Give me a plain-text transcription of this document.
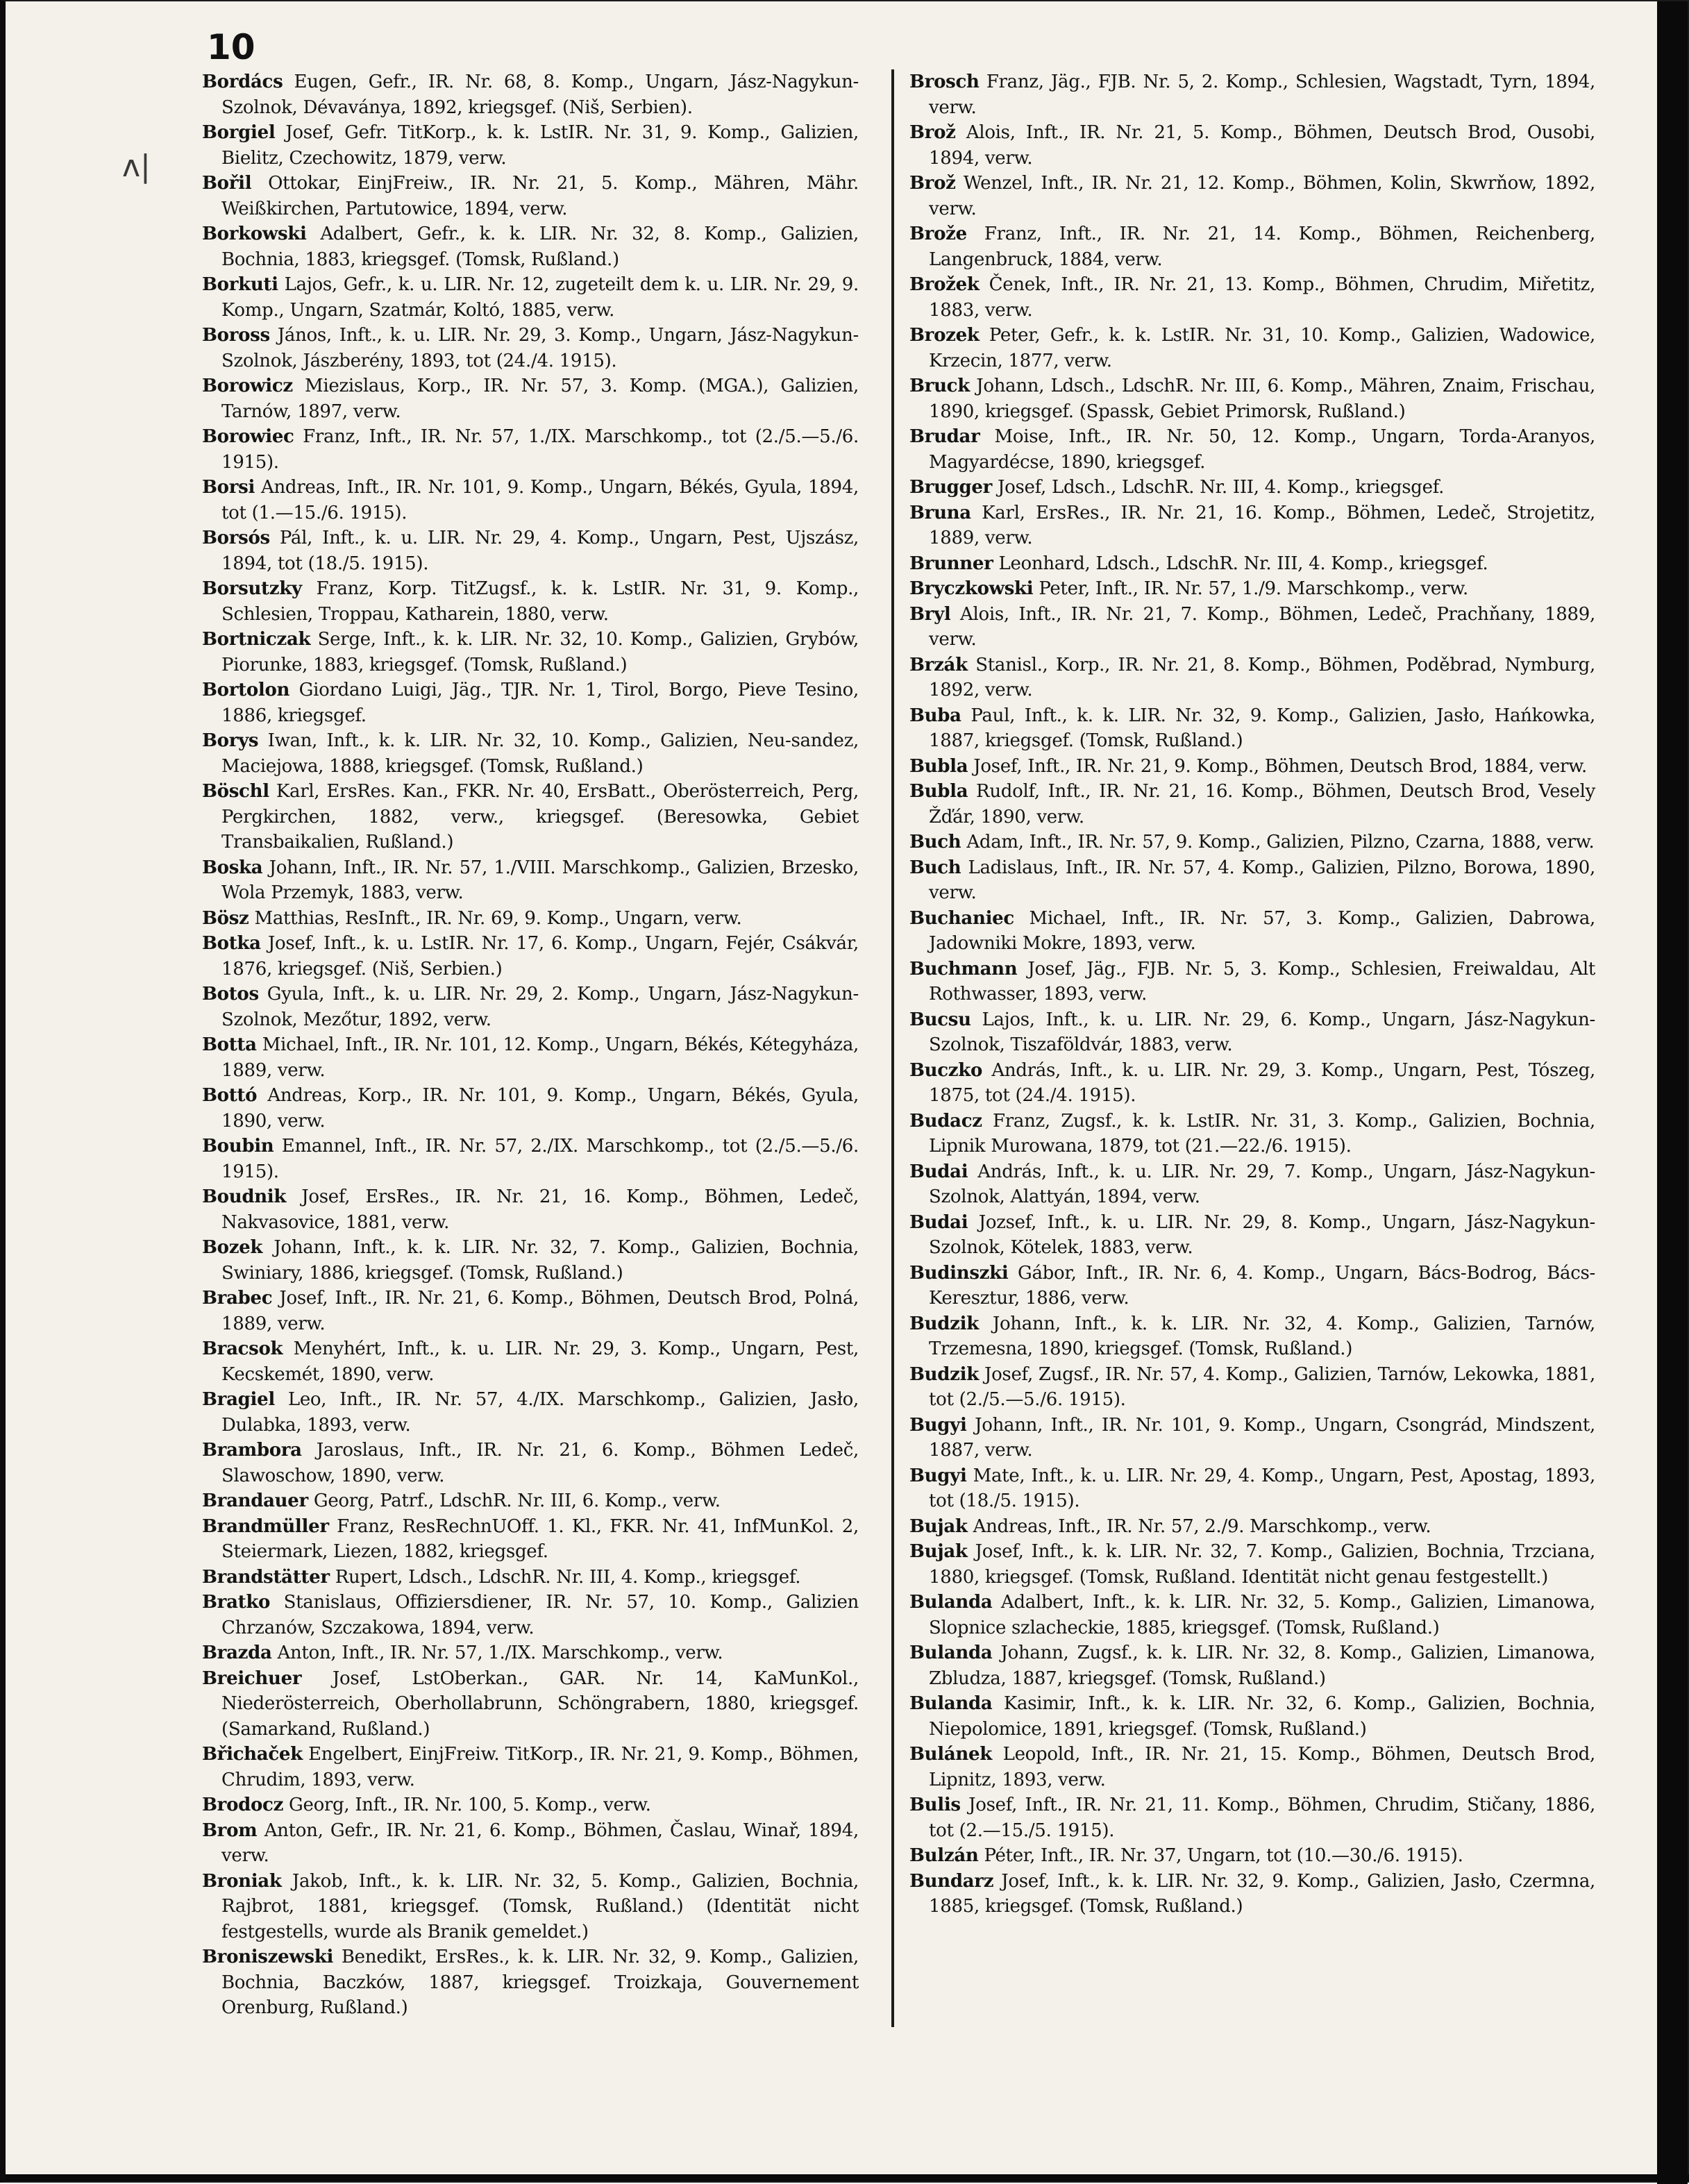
10
ʌ|

Bordács Eugen, Gefr., IR. Nr. 68, 8. Komp., Ungarn, Jász-Nagykun-Szolnok, Dévaványa, 1892, kriegsgef. (Niš, Serbien).

Borgiel Josef, Gefr. TitKorp., k. k. LstIR. Nr. 31, 9. Komp., Galizien, Bielitz, Czechowitz, 1879, verw.

Bořil Ottokar, EinjFreiw., IR. Nr. 21, 5. Komp., Mähren, Mähr. Weißkirchen, Partutowice, 1894, verw.

Borkowski Adalbert, Gefr., k. k. LIR. Nr. 32, 8. Komp., Galizien, Bochnia, 1883, kriegsgef. (Tomsk, Rußland.)

Borkuti Lajos, Gefr., k. u. LIR. Nr. 12, zugeteilt dem k. u. LIR. Nr. 29, 9. Komp., Ungarn, Szatmár, Koltó, 1885, verw.

Boross János, Inft., k. u. LIR. Nr. 29, 3. Komp., Ungarn, Jász-Nagykun-Szolnok, Jászberény, 1893, tot (24./4. 1915).

Borowicz Miezislaus, Korp., IR. Nr. 57, 3. Komp. (MGA.), Galizien, Tarnów, 1897, verw.

Borowiec Franz, Inft., IR. Nr. 57, 1./IX. Marschkomp., tot (2./5.—5./6. 1915).

Borsi Andreas, Inft., IR. Nr. 101, 9. Komp., Ungarn, Békés, Gyula, 1894, tot (1.—15./6. 1915).

Borsós Pál, Inft., k. u. LIR. Nr. 29, 4. Komp., Ungarn, Pest, Ujszász, 1894, tot (18./5. 1915).

Borsutzky Franz, Korp. TitZugsf., k. k. LstIR. Nr. 31, 9. Komp., Schlesien, Troppau, Katharein, 1880, verw.

Bortniczak Serge, Inft., k. k. LIR. Nr. 32, 10. Komp., Galizien, Grybów, Piorunke, 1883, kriegsgef. (Tomsk, Rußland.)

Bortolon Giordano Luigi, Jäg., TJR. Nr. 1, Tirol, Borgo, Pieve Tesino, 1886, kriegsgef.

Borys Iwan, Inft., k. k. LIR. Nr. 32, 10. Komp., Galizien, Neu-sandez, Maciejowa, 1888, kriegsgef. (Tomsk, Rußland.)

Böschl Karl, ErsRes. Kan., FKR. Nr. 40, ErsBatt., Oberösterreich, Perg, Pergkirchen, 1882, verw., kriegsgef. (Beresowka, Gebiet Transbaikalien, Rußland.)

Boska Johann, Inft., IR. Nr. 57, 1./VIII. Marschkomp., Galizien, Brzesko, Wola Przemyk, 1883, verw.

Bösz Matthias, ResInft., IR. Nr. 69, 9. Komp., Ungarn, verw.

Botka Josef, Inft., k. u. LstIR. Nr. 17, 6. Komp., Ungarn, Fejér, Csákvár, 1876, kriegsgef. (Niš, Serbien.)

Botos Gyula, Inft., k. u. LIR. Nr. 29, 2. Komp., Ungarn, Jász-Nagykun-Szolnok, Mezőtur, 1892, verw.

Botta Michael, Inft., IR. Nr. 101, 12. Komp., Ungarn, Békés, Kétegyháza, 1889, verw.

Bottó Andreas, Korp., IR. Nr. 101, 9. Komp., Ungarn, Békés, Gyula, 1890, verw.

Boubin Emannel, Inft., IR. Nr. 57, 2./IX. Marschkomp., tot (2./5.—5./6. 1915).

Boudnik Josef, ErsRes., IR. Nr. 21, 16. Komp., Böhmen, Ledeč, Nakvasovice, 1881, verw.

Bozek Johann, Inft., k. k. LIR. Nr. 32, 7. Komp., Galizien, Bochnia, Swiniary, 1886, kriegsgef. (Tomsk, Rußland.)

Brabec Josef, Inft., IR. Nr. 21, 6. Komp., Böhmen, Deutsch Brod, Polná, 1889, verw.

Bracsok Menyhért, Inft., k. u. LIR. Nr. 29, 3. Komp., Ungarn, Pest, Kecskemét, 1890, verw.

Bragiel Leo, Inft., IR. Nr. 57, 4./IX. Marschkomp., Galizien, Jasło, Dulabka, 1893, verw.

Brambora Jaroslaus, Inft., IR. Nr. 21, 6. Komp., Böhmen Ledeč, Slawoschow, 1890, verw.

Brandauer Georg, Patrf., LdschR. Nr. III, 6. Komp., verw.

Brandmüller Franz, ResRechnUOff. 1. Kl., FKR. Nr. 41, InfMunKol. 2, Steiermark, Liezen, 1882, kriegsgef.

Brandstätter Rupert, Ldsch., LdschR. Nr. III, 4. Komp., kriegsgef.

Bratko Stanislaus, Offiziersdiener, IR. Nr. 57, 10. Komp., Galizien Chrzanów, Szczakowa, 1894, verw.

Brazda Anton, Inft., IR. Nr. 57, 1./IX. Marschkomp., verw.

Breichuer Josef, LstOberkan., GAR. Nr. 14, KaMunKol., Niederösterreich, Oberhollabrunn, Schöngrabern, 1880, kriegsgef. (Samarkand, Rußland.)

Břichaček Engelbert, EinjFreiw. TitKorp., IR. Nr. 21, 9. Komp., Böhmen, Chrudim, 1893, verw.

Brodocz Georg, Inft., IR. Nr. 100, 5. Komp., verw.

Brom Anton, Gefr., IR. Nr. 21, 6. Komp., Böhmen, Časlau, Winař, 1894, verw.

Broniak Jakob, Inft., k. k. LIR. Nr. 32, 5. Komp., Galizien, Bochnia, Rajbrot, 1881, kriegsgef. (Tomsk, Rußland.) (Identität nicht festgestells, wurde als Branik gemeldet.)

Broniszewski Benedikt, ErsRes., k. k. LIR. Nr. 32, 9. Komp., Galizien, Bochnia, Baczków, 1887, kriegsgef. Troizkaja, Gouvernement Orenburg, Rußland.)

Brosch Franz, Jäg., FJB. Nr. 5, 2. Komp., Schlesien, Wagstadt, Tyrn, 1894, verw.

Brož Alois, Inft., IR. Nr. 21, 5. Komp., Böhmen, Deutsch Brod, Ousobi, 1894, verw.

Brož Wenzel, Inft., IR. Nr. 21, 12. Komp., Böhmen, Kolin, Skwrňow, 1892, verw.

Brože Franz, Inft., IR. Nr. 21, 14. Komp., Böhmen, Reichenberg, Langenbruck, 1884, verw.

Brožek Čenek, Inft., IR. Nr. 21, 13. Komp., Böhmen, Chrudim, Miřetitz, 1883, verw.

Brozek Peter, Gefr., k. k. LstIR. Nr. 31, 10. Komp., Galizien, Wadowice, Krzecin, 1877, verw.

Bruck Johann, Ldsch., LdschR. Nr. III, 6. Komp., Mähren, Znaim, Frischau, 1890, kriegsgef. (Spassk, Gebiet Primorsk, Rußland.)

Brudar Moise, Inft., IR. Nr. 50, 12. Komp., Ungarn, Torda-Aranyos, Magyardécse, 1890, kriegsgef.

Brugger Josef, Ldsch., LdschR. Nr. III, 4. Komp., kriegsgef.

Bruna Karl, ErsRes., IR. Nr. 21, 16. Komp., Böhmen, Ledeč, Strojetitz, 1889, verw.

Brunner Leonhard, Ldsch., LdschR. Nr. III, 4. Komp., kriegsgef.

Bryczkowski Peter, Inft., IR. Nr. 57, 1./9. Marschkomp., verw.

Bryl Alois, Inft., IR. Nr. 21, 7. Komp., Böhmen, Ledeč, Prachňany, 1889, verw.

Brzák Stanisl., Korp., IR. Nr. 21, 8. Komp., Böhmen, Poděbrad, Nymburg, 1892, verw.

Buba Paul, Inft., k. k. LIR. Nr. 32, 9. Komp., Galizien, Jasło, Hańkowka, 1887, kriegsgef. (Tomsk, Rußland.)

Bubla Josef, Inft., IR. Nr. 21, 9. Komp., Böhmen, Deutsch Brod, 1884, verw.

Bubla Rudolf, Inft., IR. Nr. 21, 16. Komp., Böhmen, Deutsch Brod, Vesely Žďár, 1890, verw.

Buch Adam, Inft., IR. Nr. 57, 9. Komp., Galizien, Pilzno, Czarna, 1888, verw.

Buch Ladislaus, Inft., IR. Nr. 57, 4. Komp., Galizien, Pilzno, Borowa, 1890, verw.

Buchaniec Michael, Inft., IR. Nr. 57, 3. Komp., Galizien, Dabrowa, Jadowniki Mokre, 1893, verw.

Buchmann Josef, Jäg., FJB. Nr. 5, 3. Komp., Schlesien, Freiwaldau, Alt Rothwasser, 1893, verw.

Bucsu Lajos, Inft., k. u. LIR. Nr. 29, 6. Komp., Ungarn, Jász-Nagykun-Szolnok, Tiszaföldvár, 1883, verw.

Buczko András, Inft., k. u. LIR. Nr. 29, 3. Komp., Ungarn, Pest, Tószeg, 1875, tot (24./4. 1915).

Budacz Franz, Zugsf., k. k. LstIR. Nr. 31, 3. Komp., Galizien, Bochnia, Lipnik Murowana, 1879, tot (21.—22./6. 1915).

Budai András, Inft., k. u. LIR. Nr. 29, 7. Komp., Ungarn, Jász-Nagykun-Szolnok, Alattyán, 1894, verw.

Budai Jozsef, Inft., k. u. LIR. Nr. 29, 8. Komp., Ungarn, Jász-Nagykun-Szolnok, Kötelek, 1883, verw.

Budinszki Gábor, Inft., IR. Nr. 6, 4. Komp., Ungarn, Bács-Bodrog, Bács-Keresztur, 1886, verw.

Budzik Johann, Inft., k. k. LIR. Nr. 32, 4. Komp., Galizien, Tarnów, Trzemesna, 1890, kriegsgef. (Tomsk, Rußland.)

Budzik Josef, Zugsf., IR. Nr. 57, 4. Komp., Galizien, Tarnów, Lekowka, 1881, tot (2./5.—5./6. 1915).

Bugyi Johann, Inft., IR. Nr. 101, 9. Komp., Ungarn, Csongrád, Mindszent, 1887, verw.

Bugyi Mate, Inft., k. u. LIR. Nr. 29, 4. Komp., Ungarn, Pest, Apostag, 1893, tot (18./5. 1915).

Bujak Andreas, Inft., IR. Nr. 57, 2./9. Marschkomp., verw.

Bujak Josef, Inft., k. k. LIR. Nr. 32, 7. Komp., Galizien, Bochnia, Trzciana, 1880, kriegsgef. (Tomsk, Rußland. Identität nicht genau festgestellt.)

Bulanda Adalbert, Inft., k. k. LIR. Nr. 32, 5. Komp., Galizien, Limanowa, Slopnice szlacheckie, 1885, kriegsgef. (Tomsk, Rußland.)

Bulanda Johann, Zugsf., k. k. LIR. Nr. 32, 8. Komp., Galizien, Limanowa, Zbludza, 1887, kriegsgef. (Tomsk, Rußland.)

Bulanda Kasimir, Inft., k. k. LIR. Nr. 32, 6. Komp., Galizien, Bochnia, Niepolomice, 1891, kriegsgef. (Tomsk, Rußland.)

Bulánek Leopold, Inft., IR. Nr. 21, 15. Komp., Böhmen, Deutsch Brod, Lipnitz, 1893, verw.

Bulis Josef, Inft., IR. Nr. 21, 11. Komp., Böhmen, Chrudim, Stičany, 1886, tot (2.—15./5. 1915).

Bulzán Péter, Inft., IR. Nr. 37, Ungarn, tot (10.—30./6. 1915).

Bundarz Josef, Inft., k. k. LIR. Nr. 32, 9. Komp., Galizien, Jasło, Czermna, 1885, kriegsgef. (Tomsk, Rußland.)
